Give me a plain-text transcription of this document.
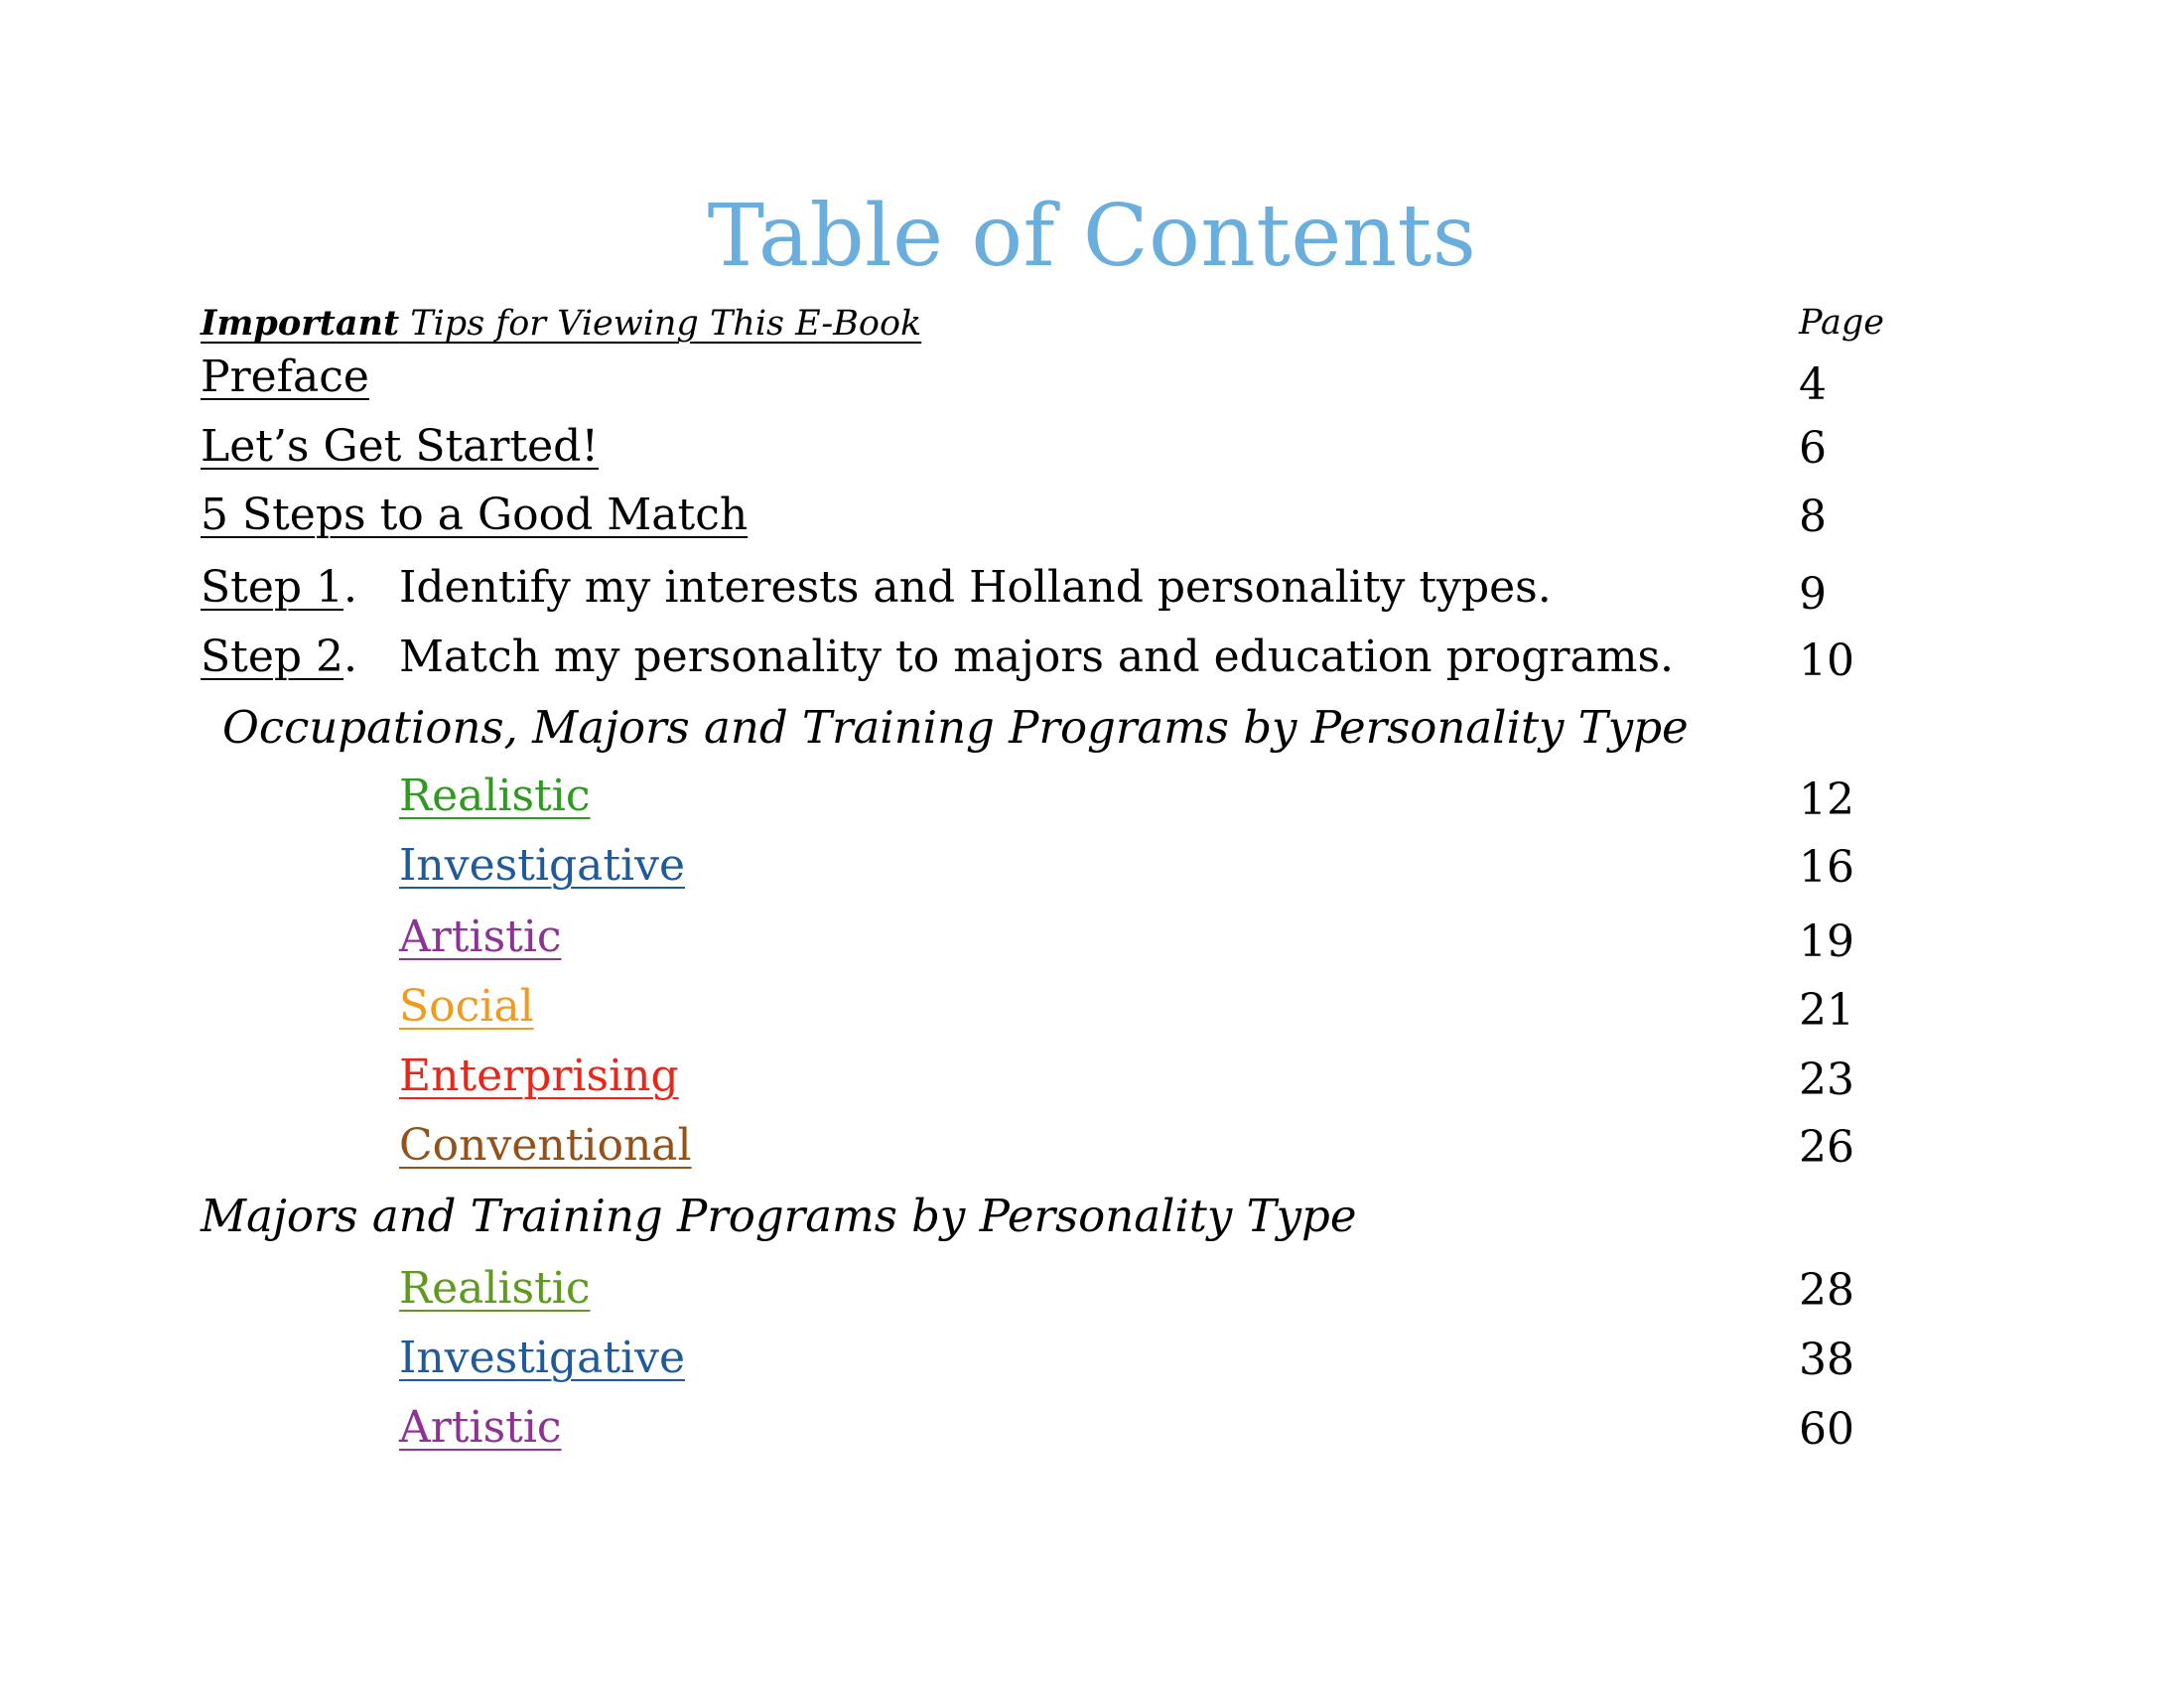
Table of Contents
Important Tips for Viewing This E-Book	Page
Preface	4
Let’s Get Started!	6
5 Steps to a Good Match	8
Step 1. Identify my interests and Holland personality types.	9
Step 2. Match my personality to majors and education programs.	10
Occupations, Majors and Training Programs by Personality Type
Realistic	12
Investigative	16
Artistic	19
Social	21
Enterprising	23
Conventional	26
Majors and Training Programs by Personality Type
Realistic	28
Investigative	38
Artistic	60
